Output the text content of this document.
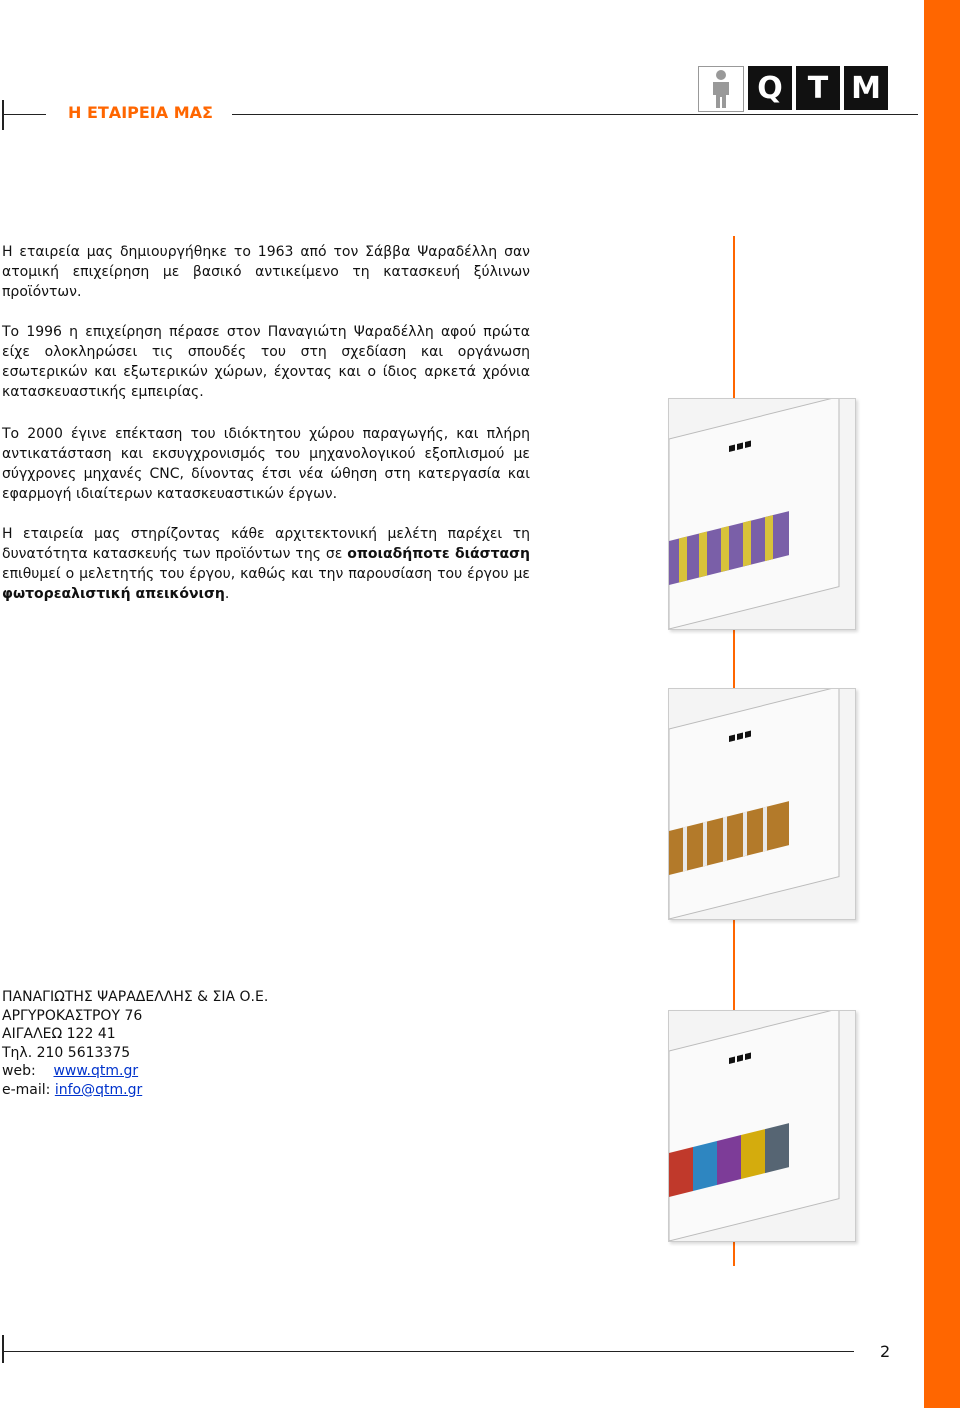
Η ΕΤΑΙΡΕΙΑ ΜΑΣ
Q T M
Η εταιρεία μας δημιουργήθηκε το 1963 από τον Σάββα Ψαραδέλλη σαν ατομική επιχείρηση με βασικό αντικείμενο τη κατασκευή ξύλινων προϊόντων.
Το 1996 η επιχείρηση πέρασε στον Παναγιώτη Ψαραδέλλη αφού πρώτα είχε ολοκληρώσει τις σπουδές του στη σχεδίαση και οργάνωση εσωτερικών και εξωτερικών χώρων, έχοντας και ο ίδιος αρκετά χρόνια κατασκευαστικής εμπειρίας.
Το 2000 έγινε επέκταση του ιδιόκτητου χώρου παραγωγής, και πλήρη αντικατάσταση και εκσυγχρονισμός του μηχανολογικού εξοπλισμού με σύγχρονες μηχανές CNC, δίνοντας έτσι νέα ώθηση στη κατεργασία και εφαρμογή ιδιαίτερων κατασκευαστικών έργων.
Η εταιρεία μας στηρίζοντας κάθε αρχιτεκτονική μελέτη παρέχει τη δυνατότητα κατασκευής των προϊόντων της σε οποιαδήποτε διάσταση επιθυμεί ο μελετητής του έργου, καθώς και την παρουσίαση του έργου με φωτορεαλιστική απεικόνιση.
ΠΑΝΑΓΙΩΤΗΣ ΨΑΡΑΔΕΛΛΗΣ & ΣΙΑ Ο.Ε.
ΑΡΓΥΡΟΚΑΣΤΡΟΥ 76
ΑΙΓΑΛΕΩ 122 41
Τηλ. 210 5613375
web: www.qtm.gr
e-mail: info@qtm.gr
2
